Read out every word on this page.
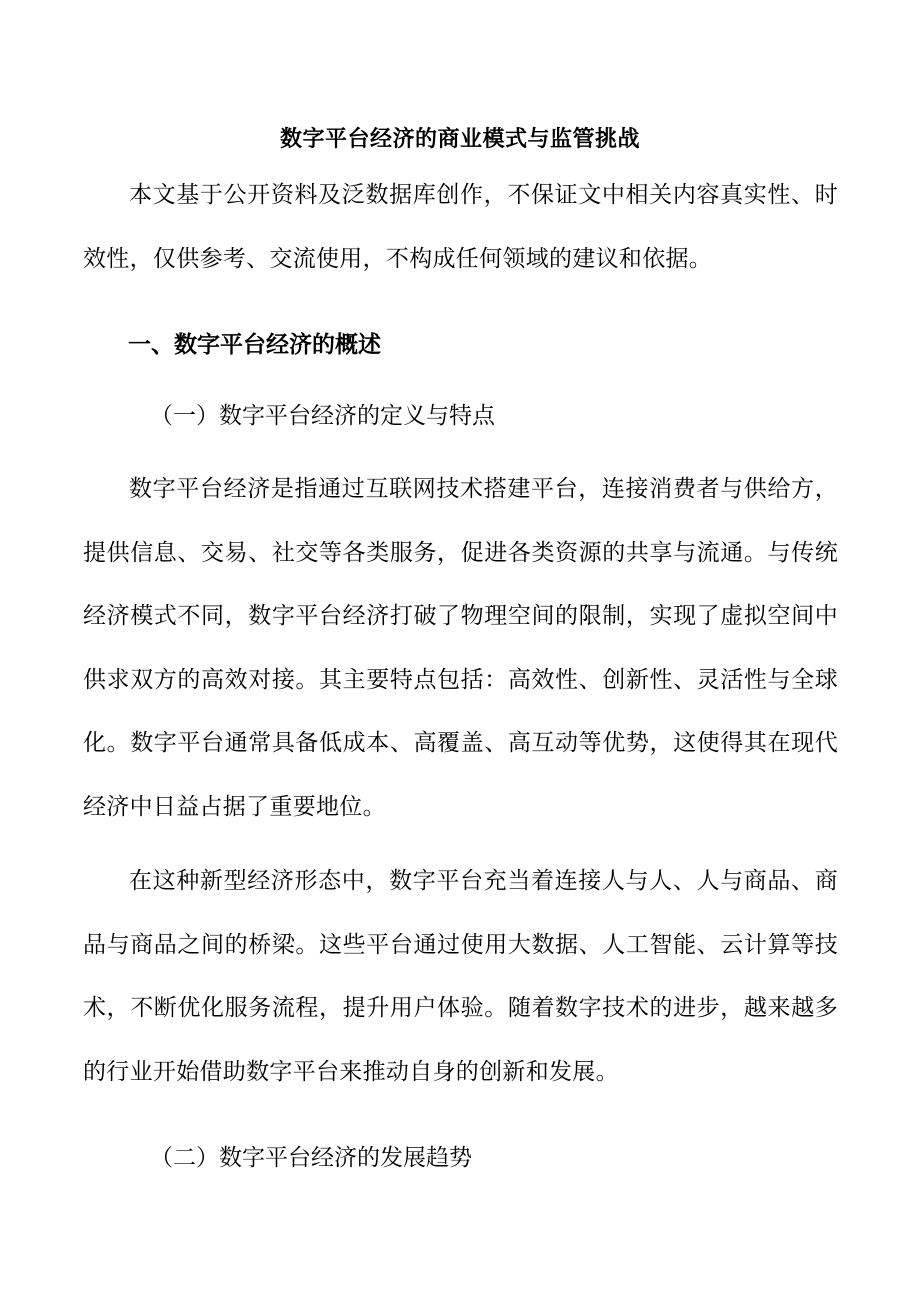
数字平台经济的商业模式与监管挑战
本文基于公开资料及泛数据库创作，不保证文中相关内容真实性、时效性，仅供参考、交流使用，不构成任何领域的建议和依据。
一、数字平台经济的概述
（一）数字平台经济的定义与特点
数字平台经济是指通过互联网技术搭建平台，连接消费者与供给方，提供信息、交易、社交等各类服务，促进各类资源的共享与流通。与传统经济模式不同，数字平台经济打破了物理空间的限制，实现了虚拟空间中供求双方的高效对接。其主要特点包括：高效性、创新性、灵活性与全球化。数字平台通常具备低成本、高覆盖、高互动等优势，这使得其在现代经济中日益占据了重要地位。
在这种新型经济形态中，数字平台充当着连接人与人、人与商品、商品与商品之间的桥梁。这些平台通过使用大数据、人工智能、云计算等技术，不断优化服务流程，提升用户体验。随着数字技术的进步，越来越多的行业开始借助数字平台来推动自身的创新和发展。
（二）数字平台经济的发展趋势
